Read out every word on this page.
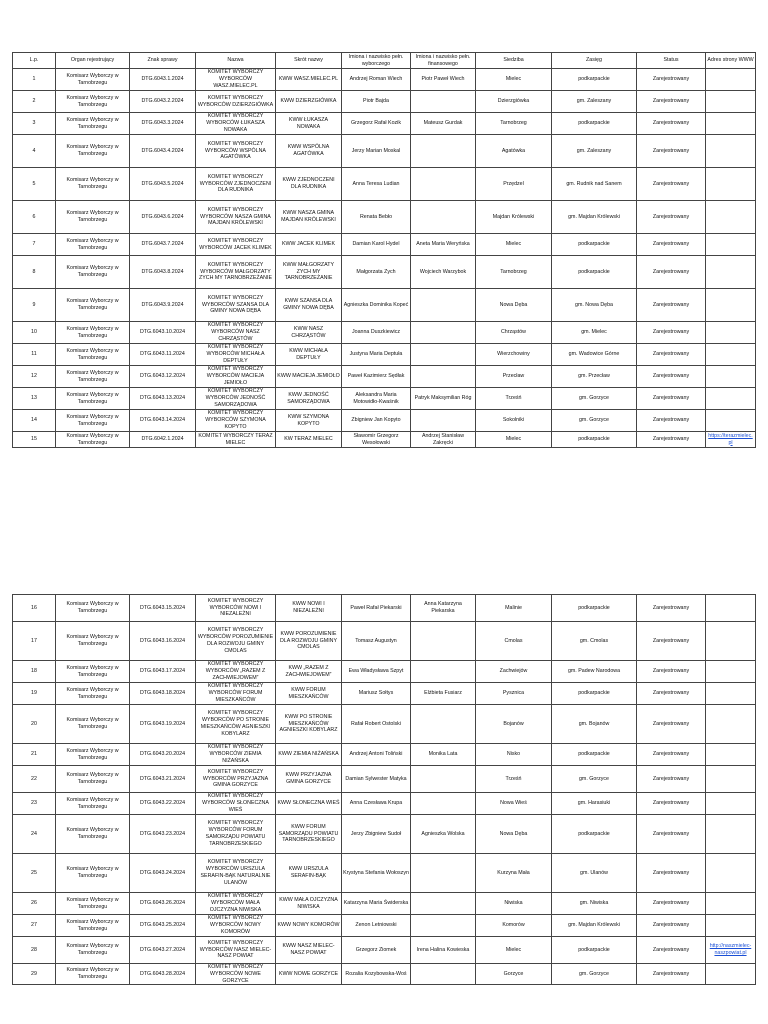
L.p.	Organ rejestrujący	Znak sprawy	Nazwa	Skrót nazwy	Imiona i nazwisko pełn. wyborczego	Imiona i nazwisko pełn. finansowego	Siedziba	Zasięg	Status	Adres strony WWW
1	Komisarz Wyborczy w Tarnobrzegu	DTG.6043.1.2024	KOMITET WYBORCZY WYBORCÓW WASZ.MIELEC.PL	KWW WASZ.MIELEC.PL	Andrzej Roman Wiech	Piotr Paweł Wiech	Mielec	podkarpackie	Zarejestrowany	
2	Komisarz Wyborczy w Tarnobrzegu	DTG.6043.2.2024	KOMITET WYBORCZY WYBORCÓW DZIERZGIÓWKA	KWW DZIERZGIÓWKA	Piotr Bajda		Dzierzgiówka	gm. Zaleszany	Zarejestrowany	
3	Komisarz Wyborczy w Tarnobrzegu	DTG.6043.3.2024	KOMITET WYBORCZY WYBORCÓW ŁUKASZA NOWAKA	KWW ŁUKASZA NOWAKA	Grzegorz Rafał Kozik	Mateusz Gurdak	Tarnobrzeg	podkarpackie	Zarejestrowany	
4	Komisarz Wyborczy w Tarnobrzegu	DTG.6043.4.2024	KOMITET WYBORCZY WYBORCÓW WSPÓLNA AGATÓWKA	KWW WSPÓLNA AGATÓWKA	Jerzy Marian Moskal		Agatówka	gm. Zaleszany	Zarejestrowany	
5	Komisarz Wyborczy w Tarnobrzegu	DTG.6043.5.2024	KOMITET WYBORCZY WYBORCÓW ZJEDNOCZENI DLA RUDNIKA	KWW ZJEDNOCZENI DLA RUDNIKA	Anna Teresa Ludian		Przędzel	gm. Rudnik nad Sanem	Zarejestrowany	
6	Komisarz Wyborczy w Tarnobrzegu	DTG.6043.6.2024	KOMITET WYBORCZY WYBORCÓW NASZA GMINA MAJDAN KRÓLEWSKI	KWW NASZA GMINA MAJDAN KRÓLEWSKI	Renata Bebło		Majdan Królewski	gm. Majdan Królewski	Zarejestrowany	
7	Komisarz Wyborczy w Tarnobrzegu	DTG.6043.7.2024	KOMITET WYBORCZY WYBORCÓW JACEK KLIMEK	KWW JACEK KLIMEK	Damian Karol Hydel	Aneta Maria Weryńska	Mielec	podkarpackie	Zarejestrowany	
8	Komisarz Wyborczy w Tarnobrzegu	DTG.6043.8.2024	KOMITET WYBORCZY WYBORCÓW MAŁGORZATY ZYCH MY TARNOBRZEŻANIE	KWW MAŁGORZATY ZYCH MY TARNOBRZEŻANIE	Małgorzata Zych	Wojciech Warzybok	Tarnobrzeg	podkarpackie	Zarejestrowany	
9	Komisarz Wyborczy w Tarnobrzegu	DTG.6043.9.2024	KOMITET WYBORCZY WYBORCÓW SZANSA DLA GMINY NOWA DĘBA	KWW SZANSA DLA GMINY NOWA DĘBA	Agnieszka Dominika Kopeć		Nowa Dęba	gm. Nowa Dęba	Zarejestrowany	
10	Komisarz Wyborczy w Tarnobrzegu	DTG.6043.10.2024	KOMITET WYBORCZY WYBORCÓW NASZ CHRZĄSTÓW	KWW NASZ CHRZĄSTÓW	Joanna Duszkiewicz		Chrząstów	gm. Mielec	Zarejestrowany	
11	Komisarz Wyborczy w Tarnobrzegu	DTG.6043.11.2024	KOMITET WYBORCZY WYBORCÓW MICHAŁA DEPTUŁY	KWW MICHAŁA DEPTUŁY	Justyna Maria Deptuła		Wierzchowiny	gm. Wadowice Górne	Zarejestrowany	
12	Komisarz Wyborczy w Tarnobrzegu	DTG.6043.12.2024	KOMITET WYBORCZY WYBORCÓW MACIEJA JEMIOŁO	KWW MACIEJA JEMIOŁO	Paweł Kazimierz Sędłak		Przecław	gm. Przecław	Zarejestrowany	
13	Komisarz Wyborczy w Tarnobrzegu	DTG.6043.13.2024	KOMITET WYBORCZY WYBORCÓW JEDNOŚĆ SAMORZĄDOWA	KWW JEDNOŚĆ SAMORZĄDOWA	Aleksandra Maria Motowidło-Kwaśnik	Patryk Maksymilian Róg	Trześń	gm. Gorzyce	Zarejestrowany	
14	Komisarz Wyborczy w Tarnobrzegu	DTG.6043.14.2024	KOMITET WYBORCZY WYBORCÓW SZYMONA KOPYTO	KWW SZYMONA KOPYTO	Zbigniew Jan Kopyto		Sokolniki	gm. Gorzyce	Zarejestrowany	
15	Komisarz Wyborczy w Tarnobrzegu	DTG.6042.1.2024	KOMITET WYBORCZY TERAZ MIELEC	KW TERAZ MIELEC	Sławomir Grzegorz Wesołowski	Andrzej Stanisław Zakręcki	Mielec	podkarpackie	Zarejestrowany	https://terazmielec.pl
16	Komisarz Wyborczy w Tarnobrzegu	DTG.6043.15.2024	KOMITET WYBORCZY WYBORCÓW NOWI I NIEZALEŻNI	KWW NOWI I NIEZALEŻNI	Paweł Rafał Piekarski	Anna Katarzyna Piekarska	Malinie	podkarpackie	Zarejestrowany	
17	Komisarz Wyborczy w Tarnobrzegu	DTG.6043.16.2024	KOMITET WYBORCZY WYBORCÓW POROZUMIENIE DLA ROZWOJU GMINY CMOLAS	KWW POROZUMIENIE DLA ROZWOJU GMINY CMOLAS	Tomasz Augustyn		Cmolas	gm. Cmolas	Zarejestrowany	
18	Komisarz Wyborczy w Tarnobrzegu	DTG.6043.17.2024	KOMITET WYBORCZY WYBORCÓW „RAZEM Z ZACHWIEJOWEM”	KWW „RAZEM Z ZACHWIEJOWEM”	Ewa Władysława Szpyt		Zachwiejów	gm. Padew Narodowa	Zarejestrowany	
19	Komisarz Wyborczy w Tarnobrzegu	DTG.6043.18.2024	KOMITET WYBORCZY WYBORCÓW FORUM MIESZKAŃCÓW	KWW FORUM MIESZKAŃCÓW	Mariusz Sołtys	Elżbieta Fusiarz	Pysznica	podkarpackie	Zarejestrowany	
20	Komisarz Wyborczy w Tarnobrzegu	DTG.6043.19.2024	KOMITET WYBORCZY WYBORCÓW PO STRONIE MIESZKAŃCÓW AGNIESZKI KOBYLARZ	KWW PO STRONIE MIESZKAŃCÓW AGNIESZKI KOBYLARZ	Rafał Robert Ostolski		Bojanów	gm. Bojanów	Zarejestrowany	
21	Komisarz Wyborczy w Tarnobrzegu	DTG.6043.20.2024	KOMITET WYBORCZY WYBORCÓW ZIEMIA NIŻAŃSKA	KWW ZIEMIA NIŻAŃSKA	Andrzej Antoni Toliński	Monika Lata	Nisko	podkarpackie	Zarejestrowany	
22	Komisarz Wyborczy w Tarnobrzegu	DTG.6043.21.2024	KOMITET WYBORCZY WYBORCÓW PRZYJAZNA GMINA GORZYCE	KWW PRZYJAZNA GMINA GORZYCE	Damian Sylwester Matyka		Trześń	gm. Gorzyce	Zarejestrowany	
23	Komisarz Wyborczy w Tarnobrzegu	DTG.6043.22.2024	KOMITET WYBORCZY WYBORCÓW SŁONECZNA WIEŚ	KWW SŁONECZNA WIEŚ	Anna Czesława Krupa		Nowa Wieś	gm. Harasiuki	Zarejestrowany	
24	Komisarz Wyborczy w Tarnobrzegu	DTG.6043.23.2024	KOMITET WYBORCZY WYBORCÓW FORUM SAMORZĄDU POWIATU TARNOBRZESKIEGO	KWW FORUM SAMORZĄDU POWIATU TARNOBRZESKIEGO	Jerzy Zbigniew Sudoł	Agnieszka Wolska	Nowa Dęba	podkarpackie	Zarejestrowany	
25	Komisarz Wyborczy w Tarnobrzegu	DTG.6043.24.2024	KOMITET WYBORCZY WYBORCÓW URSZULA SERAFIN-BĄK NATURALNIE ULANÓW	KWW URSZULA SERAFIN-BĄK	Krystyna Stefania Wołoszyn		Kurzyna Mała	gm. Ulanów	Zarejestrowany	
26	Komisarz Wyborczy w Tarnobrzegu	DTG.6043.26.2024	KOMITET WYBORCZY WYBORCÓW MAŁA OJCZYZNA NIWISKA	KWW MAŁA OJCZYZNA NIWISKA	Katarzyna Maria Świderska		Niwiska	gm. Niwiska	Zarejestrowany	
27	Komisarz Wyborczy w Tarnobrzegu	DTG.6043.25.2024	KOMITET WYBORCZY WYBORCÓW NOWY KOMORÓW	KWW NOWY KOMORÓW	Zenon Letniowski		Komorów	gm. Majdan Królewski	Zarejestrowany	
28	Komisarz Wyborczy w Tarnobrzegu	DTG.6043.27.2024	KOMITET WYBORCZY WYBORCÓW NASZ MIELEC-NASZ POWIAT	KWW NASZ MIELEC-NASZ POWIAT	Grzegorz Ziomek	Irena Halina Kowieska	Mielec	podkarpackie	Zarejestrowany	http://naszmielec-naszpowiat.pl
29	Komisarz Wyborczy w Tarnobrzegu	DTG.6043.28.2024	KOMITET WYBORCZY WYBORCÓW NOWE GORZYCE	KWW NOWE GORZYCE	Rozalia Kozybowska-Woś		Gorzyce	gm. Gorzyce	Zarejestrowany	
